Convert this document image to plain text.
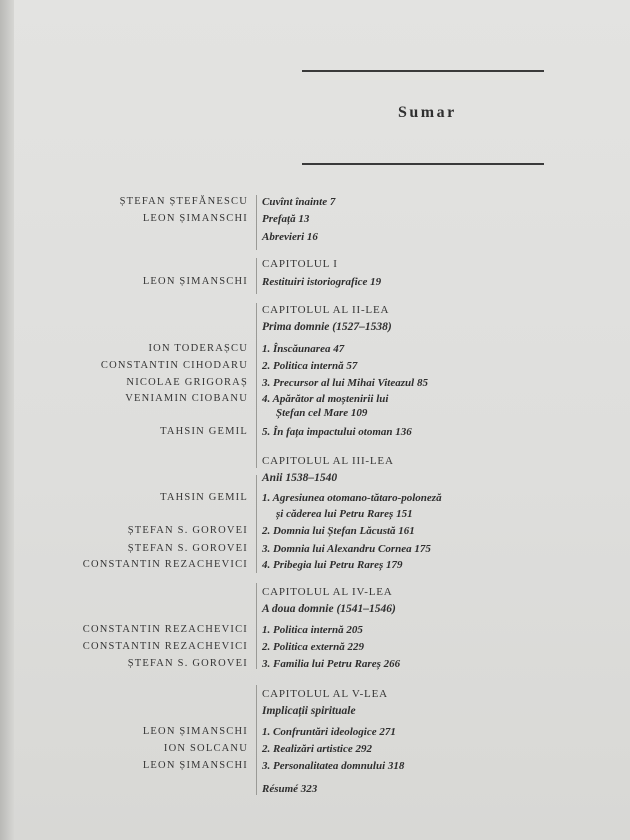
Sumar
ȘTEFAN ȘTEFĂNESCU Cuvînt înainte 7
LEON ȘIMANSCHI Prefață 13
Abrevieri 16
CAPITOLUL I
LEON ȘIMANSCHI Restituiri istoriografice 19
CAPITOLUL AL II-LEA
Prima domnie (1527–1538)
ION TODERAȘCU 1. Înscăunarea 47
CONSTANTIN CIHODARU 2. Politica internă 57
NICOLAE GRIGORAȘ 3. Precursor al lui Mihai Viteazul 85
VENIAMIN CIOBANU 4. Apărător al moștenirii lui
Ștefan cel Mare 109
TAHSIN GEMIL 5. În fața impactului otoman 136
CAPITOLUL AL III-LEA
Anii 1538–1540
TAHSIN GEMIL 1. Agresiunea otomano-tătaro-poloneză
și căderea lui Petru Rareș 151
ȘTEFAN S. GOROVEI 2. Domnia lui Ștefan Lăcustă 161
ȘTEFAN S. GOROVEI 3. Domnia lui Alexandru Cornea 175
CONSTANTIN REZACHEVICI 4. Pribegia lui Petru Rareș 179
CAPITOLUL AL IV-LEA
A doua domnie (1541–1546)
CONSTANTIN REZACHEVICI 1. Politica internă 205
CONSTANTIN REZACHEVICI 2. Politica externă 229
ȘTEFAN S. GOROVEI 3. Familia lui Petru Rareș 266
CAPITOLUL AL V-LEA
Implicații spirituale
LEON ȘIMANSCHI 1. Confruntări ideologice 271
ION SOLCANU 2. Realizări artistice 292
LEON ȘIMANSCHI 3. Personalitatea domnului 318
Résumé 323
